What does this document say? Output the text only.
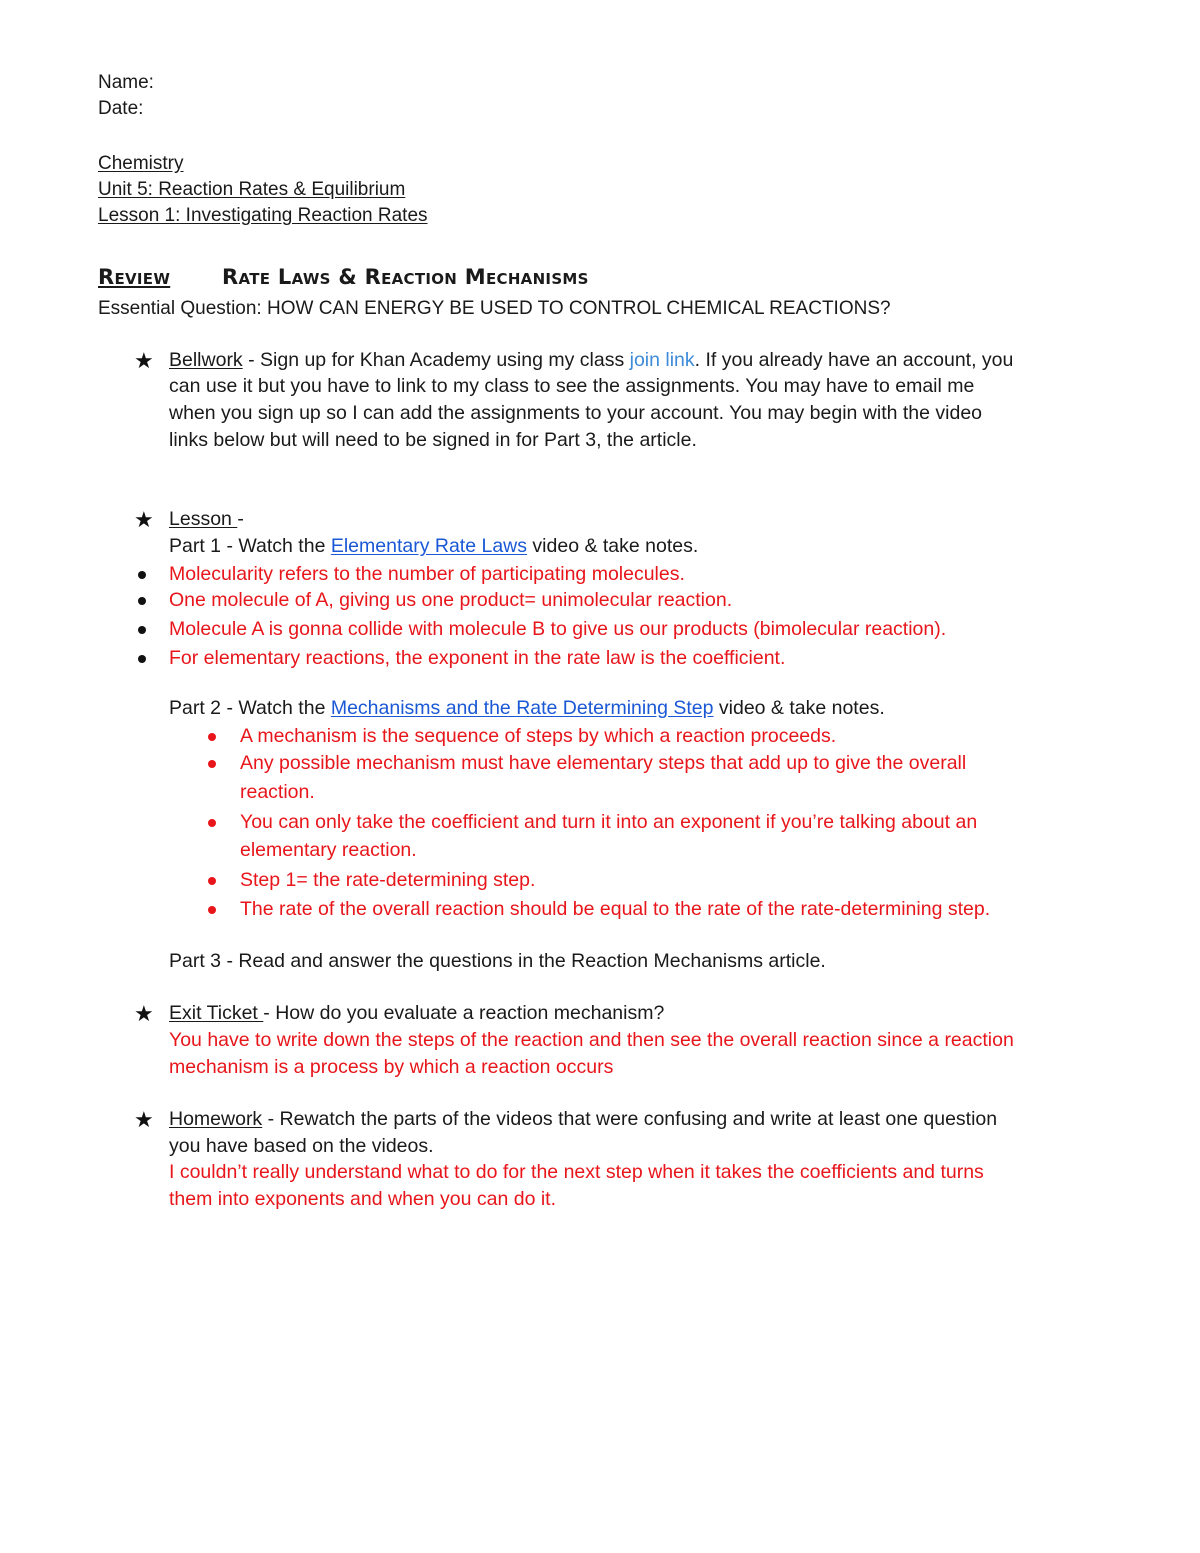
Name:
Date:
Chemistry
Unit 5: Reaction Rates & Equilibrium
Lesson 1: Investigating Reaction Rates
Review Rate Laws & Reaction Mechanisms
Essential Question: HOW CAN ENERGY BE USED TO CONTROL CHEMICAL REACTIONS?
★ Bellwork - Sign up for Khan Academy using my class join link. If you already have an account, you
can use it but you have to link to my class to see the assignments. You may have to email me
when you sign up so I can add the assignments to your account. You may begin with the video
links below but will need to be signed in for Part 3, the article.
★ Lesson -
Part 1 - Watch the Elementary Rate Laws video & take notes.
Molecularity refers to the number of participating molecules.
One molecule of A, giving us one product= unimolecular reaction.
Molecule A is gonna collide with molecule B to give us our products (bimolecular reaction).
For elementary reactions, the exponent in the rate law is the coefficient.
Part 2 - Watch the Mechanisms and the Rate Determining Step video & take notes.
A mechanism is the sequence of steps by which a reaction proceeds.
Any possible mechanism must have elementary steps that add up to give the overall
reaction.
You can only take the coefficient and turn it into an exponent if you’re talking about an
elementary reaction.
Step 1= the rate-determining step.
The rate of the overall reaction should be equal to the rate of the rate-determining step.
Part 3 - Read and answer the questions in the Reaction Mechanisms article.
★ Exit Ticket - How do you evaluate a reaction mechanism?
You have to write down the steps of the reaction and then see the overall reaction since a reaction
mechanism is a process by which a reaction occurs
★ Homework - Rewatch the parts of the videos that were confusing and write at least one question
you have based on the videos.
I couldn’t really understand what to do for the next step when it takes the coefficients and turns
them into exponents and when you can do it.
